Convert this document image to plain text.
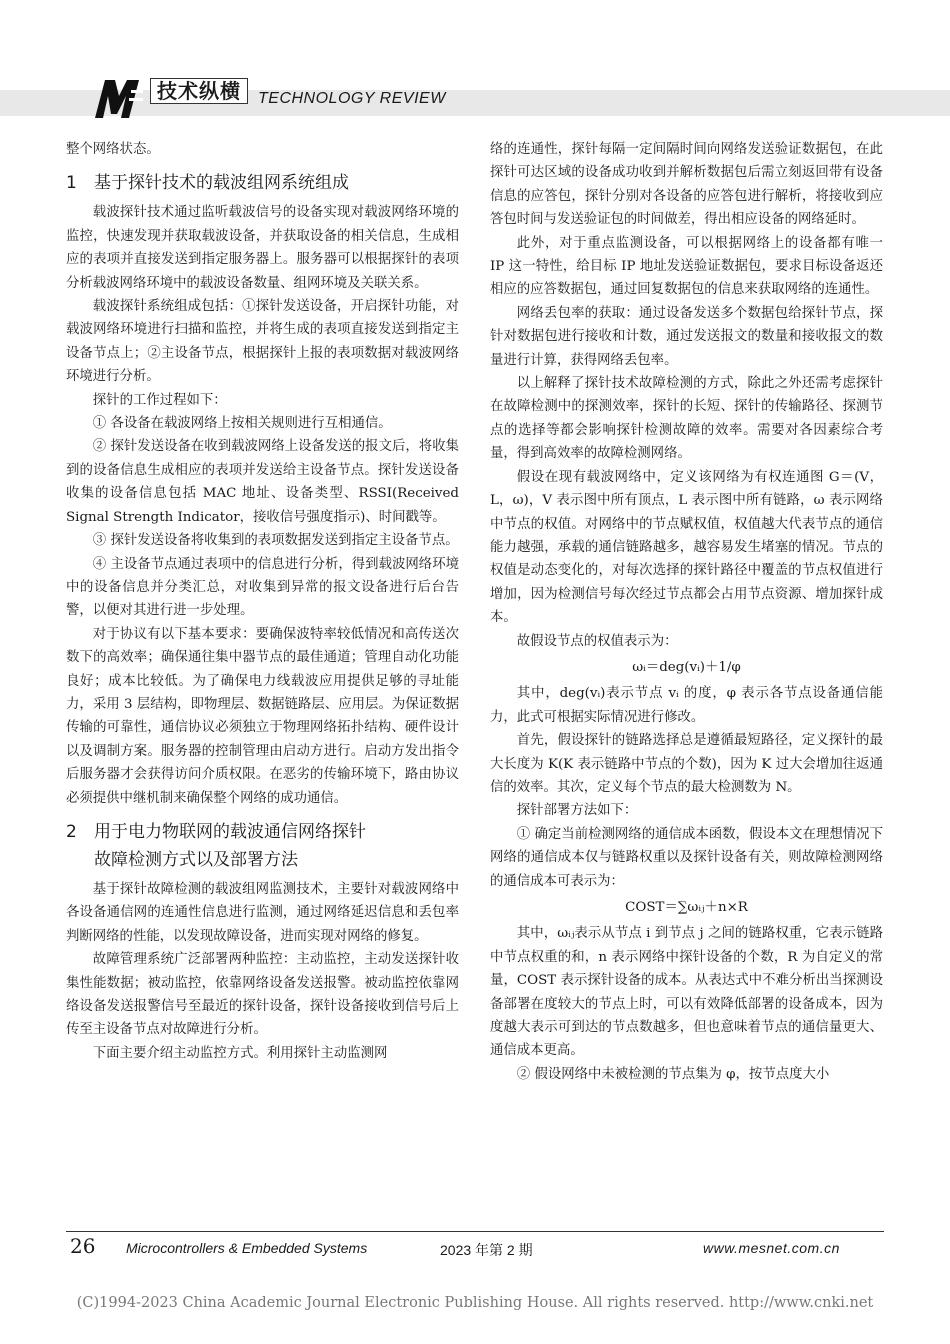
技术纵横	TECHNOLOGY REVIEW

整个网络状态。

1 基于探针技术的载波组网系统组成

载波探针技术通过监听载波信号的设备实现对载波网络环境的监控，快速发现并获取载波设备，并获取设备的相关信息，生成相应的表项并直接发送到指定服务器上。服务器可以根据探针的表项分析载波网络环境中的载波设备数量、组网环境及关联关系。

载波探针系统组成包括：①探针发送设备，开启探针功能，对载波网络环境进行扫描和监控，并将生成的表项直接发送到指定主设备节点上；②主设备节点，根据探针上报的表项数据对载波网络环境进行分析。

探针的工作过程如下：

① 各设备在载波网络上按相关规则进行互相通信。

② 探针发送设备在收到载波网络上设备发送的报文后，将收集到的设备信息生成相应的表项并发送给主设备节点。探针发送设备收集的设备信息包括 MAC 地址、设备类型、RSSI(Received Signal Strength Indicator，接收信号强度指示)、时间戳等。

③ 探针发送设备将收集到的表项数据发送到指定主设备节点。

④ 主设备节点通过表项中的信息进行分析，得到载波网络环境中的设备信息并分类汇总，对收集到异常的报文设备进行后台告警，以便对其进行进一步处理。

对于协议有以下基本要求：要确保波特率较低情况和高传送次数下的高效率；确保通往集中器节点的最佳通道；管理自动化功能良好；成本比较低。为了确保电力线载波应用提供足够的寻址能力，采用 3 层结构，即物理层、数据链路层、应用层。为保证数据传输的可靠性，通信协议必须独立于物理网络拓扑结构、硬件设计以及调制方案。服务器的控制管理由启动方进行。启动方发出指令后服务器才会获得访问介质权限。在恶劣的传输环境下，路由协议必须提供中继机制来确保整个网络的成功通信。

2 用于电力物联网的载波通信网络探针
故障检测方式以及部署方法

基于探针故障检测的载波组网监测技术，主要针对载波网络中各设备通信网的连通性信息进行监测，通过网络延迟信息和丢包率判断网络的性能，以发现故障设备，进而实现对网络的修复。

故障管理系统广泛部署两种监控：主动监控，主动发送探针收集性能数据；被动监控，依靠网络设备发送报警。被动监控依靠网络设备发送报警信号至最近的探针设备，探针设备接收到信号后上传至主设备节点对故障进行分析。

下面主要介绍主动监控方式。利用探针主动监测网

络的连通性，探针每隔一定间隔时间向网络发送验证数据包，在此探针可达区域的设备成功收到并解析数据包后需立刻返回带有设备信息的应答包，探针分别对各设备的应答包进行解析，将接收到应答包时间与发送验证包的时间做差，得出相应设备的网络延时。

此外，对于重点监测设备，可以根据网络上的设备都有唯一 IP 这一特性，给目标 IP 地址发送验证数据包，要求目标设备返还相应的应答数据包，通过回复数据包的信息来获取网络的连通性。

网络丢包率的获取：通过设备发送多个数据包给探针节点，探针对数据包进行接收和计数，通过发送报文的数量和接收报文的数量进行计算，获得网络丢包率。

以上解释了探针技术故障检测的方式，除此之外还需考虑探针在故障检测中的探测效率，探针的长短、探针的传输路径、探测节点的选择等都会影响探针检测故障的效率。需要对各因素综合考量，得到高效率的故障检测网络。

假设在现有载波网络中，定义该网络为有权连通图 G＝(V，L，ω)，V 表示图中所有顶点，L 表示图中所有链路，ω 表示网络中节点的权值。对网络中的节点赋权值，权值越大代表节点的通信能力越强，承载的通信链路越多，越容易发生堵塞的情况。节点的权值是动态变化的，对每次选择的探针路径中覆盖的节点权值进行增加，因为检测信号每次经过节点都会占用节点资源、增加探针成本。

故假设节点的权值表示为：

ωᵢ＝deg(vᵢ)＋1/φ

其中，deg(vᵢ)表示节点 vᵢ 的度，φ 表示各节点设备通信能力，此式可根据实际情况进行修改。

首先，假设探针的链路选择总是遵循最短路径，定义探针的最大长度为 K(K 表示链路中节点的个数)，因为 K 过大会增加往返通信的效率。其次，定义每个节点的最大检测数为 N。

探针部署方法如下：

① 确定当前检测网络的通信成本函数，假设本文在理想情况下网络的通信成本仅与链路权重以及探针设备有关，则故障检测网络的通信成本可表示为：

COST＝∑ωᵢⱼ＋n×R

其中，ωᵢⱼ表示从节点 i 到节点 j 之间的链路权重，它表示链路中节点权重的和，n 表示网络中探针设备的个数，R 为自定义的常量，COST 表示探针设备的成本。从表达式中不难分析出当探测设备部署在度较大的节点上时，可以有效降低部署的设备成本，因为度越大表示可到达的节点数越多，但也意味着节点的通信量更大、通信成本更高。

② 假设网络中未被检测的节点集为 φ，按节点度大小

26 Microcontrollers & Embedded Systems	2023 年第 2 期	www.mesnet.com.cn
(C)1994-2023 China Academic Journal Electronic Publishing House. All rights reserved. http://www.cnki.net
